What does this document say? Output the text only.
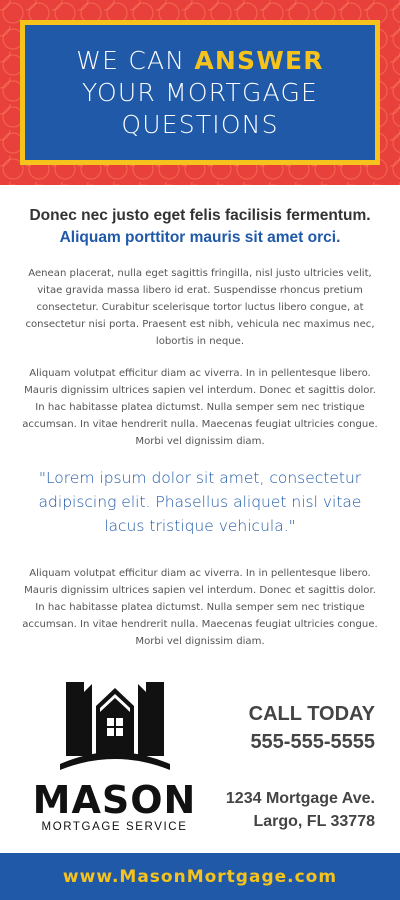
WE CAN ANSWER
YOUR MORTGAGE
QUESTIONS
Donec nec justo eget felis facilisis fermentum.
Aliquam porttitor mauris sit amet orci.
Aenean placerat, nulla eget sagittis fringilla, nisl justo ultricies velit, vitae gravida massa libero id erat. Suspendisse rhoncus pretium consectetur. Curabitur scelerisque tortor luctus libero congue, at consectetur nisi porta. Praesent est nibh, vehicula nec maximus nec, lobortis in neque.
Aliquam volutpat efficitur diam ac viverra. In in pellentesque libero. Mauris dignissim ultrices sapien vel interdum. Donec et sagittis dolor. In hac habitasse platea dictumst. Nulla semper sem nec tristique accumsan. In vitae hendrerit nulla. Maecenas feugiat ultricies congue. Morbi vel dignissim diam.
"Lorem ipsum dolor sit amet, consectetur adipiscing elit. Phasellus aliquet nisl vitae lacus tristique vehicula."
Aliquam volutpat efficitur diam ac viverra. In in pellentesque libero. Mauris dignissim ultrices sapien vel interdum. Donec et sagittis dolor. In hac habitasse platea dictumst. Nulla semper sem nec tristique accumsan. In vitae hendrerit nulla. Maecenas feugiat ultricies congue. Morbi vel dignissim diam.
MASON
MORTGAGE SERVICE
CALL TODAY
555-555-5555
1234 Mortgage Ave.
Largo, FL 33778
www.MasonMortgage.com
